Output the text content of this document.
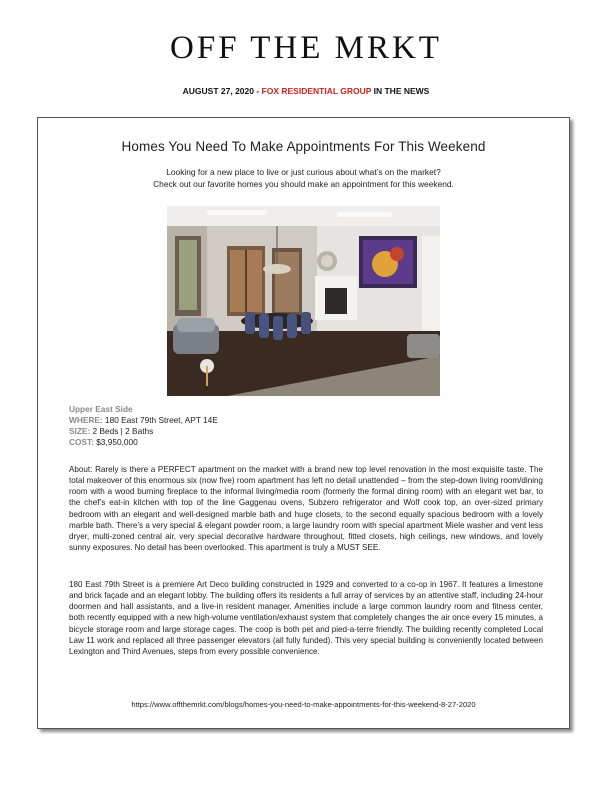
OFF THE MRKT
AUGUST 27, 2020 - FOX RESIDENTIAL GROUP IN THE NEWS
Homes You Need To Make Appointments For This Weekend
Looking for a new place to live or just curious about what’s on the market?
Check out our favorite homes you should make an appointment for this weekend.
Upper East Side
WHERE: 180 East 79th Street, APT 14E
SIZE: 2 Beds | 2 Baths
COST: $3,950,000
About: Rarely is there a PERFECT apartment on the market with a brand new top level renovation in the most exquisite taste. The total makeover of this enormous six (now five) room apartment has left no detail unattended – from the step-down living room/dining room with a wood burning fireplace to the informal living/media room (formerly the formal dining room) with an elegant wet bar, to the chef’s eat-in kitchen with top of the line Gaggenau ovens, Subzero refrigerator and Wolf cook top, an over-sized primary bedroom with an elegant and well-designed marble bath and huge closets, to the second equally spacious bedroom with a lovely marble bath. There’s a very special & elegant powder room, a large laundry room with special apartment Miele washer and vent less dryer, multi-zoned central air, very special decorative hardware throughout, fitted closets, high ceilings, new windows, and lovely sunny exposures. No detail has been overlooked. This apartment is truly a MUST SEE.
180 East 79th Street is a premiere Art Deco building constructed in 1929 and converted to a co-op in 1967. It features a limestone and brick façade and an elegant lobby. The building offers its residents a full array of services by an attentive staff, including 24-hour doormen and hall assistants, and a live-in resident manager. Amenities include a large common laundry room and fitness center, both recently equipped with a new high-volume ventilation/exhaust system that completely changes the air once every 15 minutes, a bicycle storage room and large storage cages. The coop is both pet and pied-a-terre friendly. The building recently completed Local Law 11 work and replaced all three passenger elevators (all fully funded). This very special building is conveniently located between Lexington and Third Avenues, steps from every possible convenience.
https://www.offthemrkt.com/blogs/homes-you-need-to-make-appointments-for-this-weekend-8-27-2020
